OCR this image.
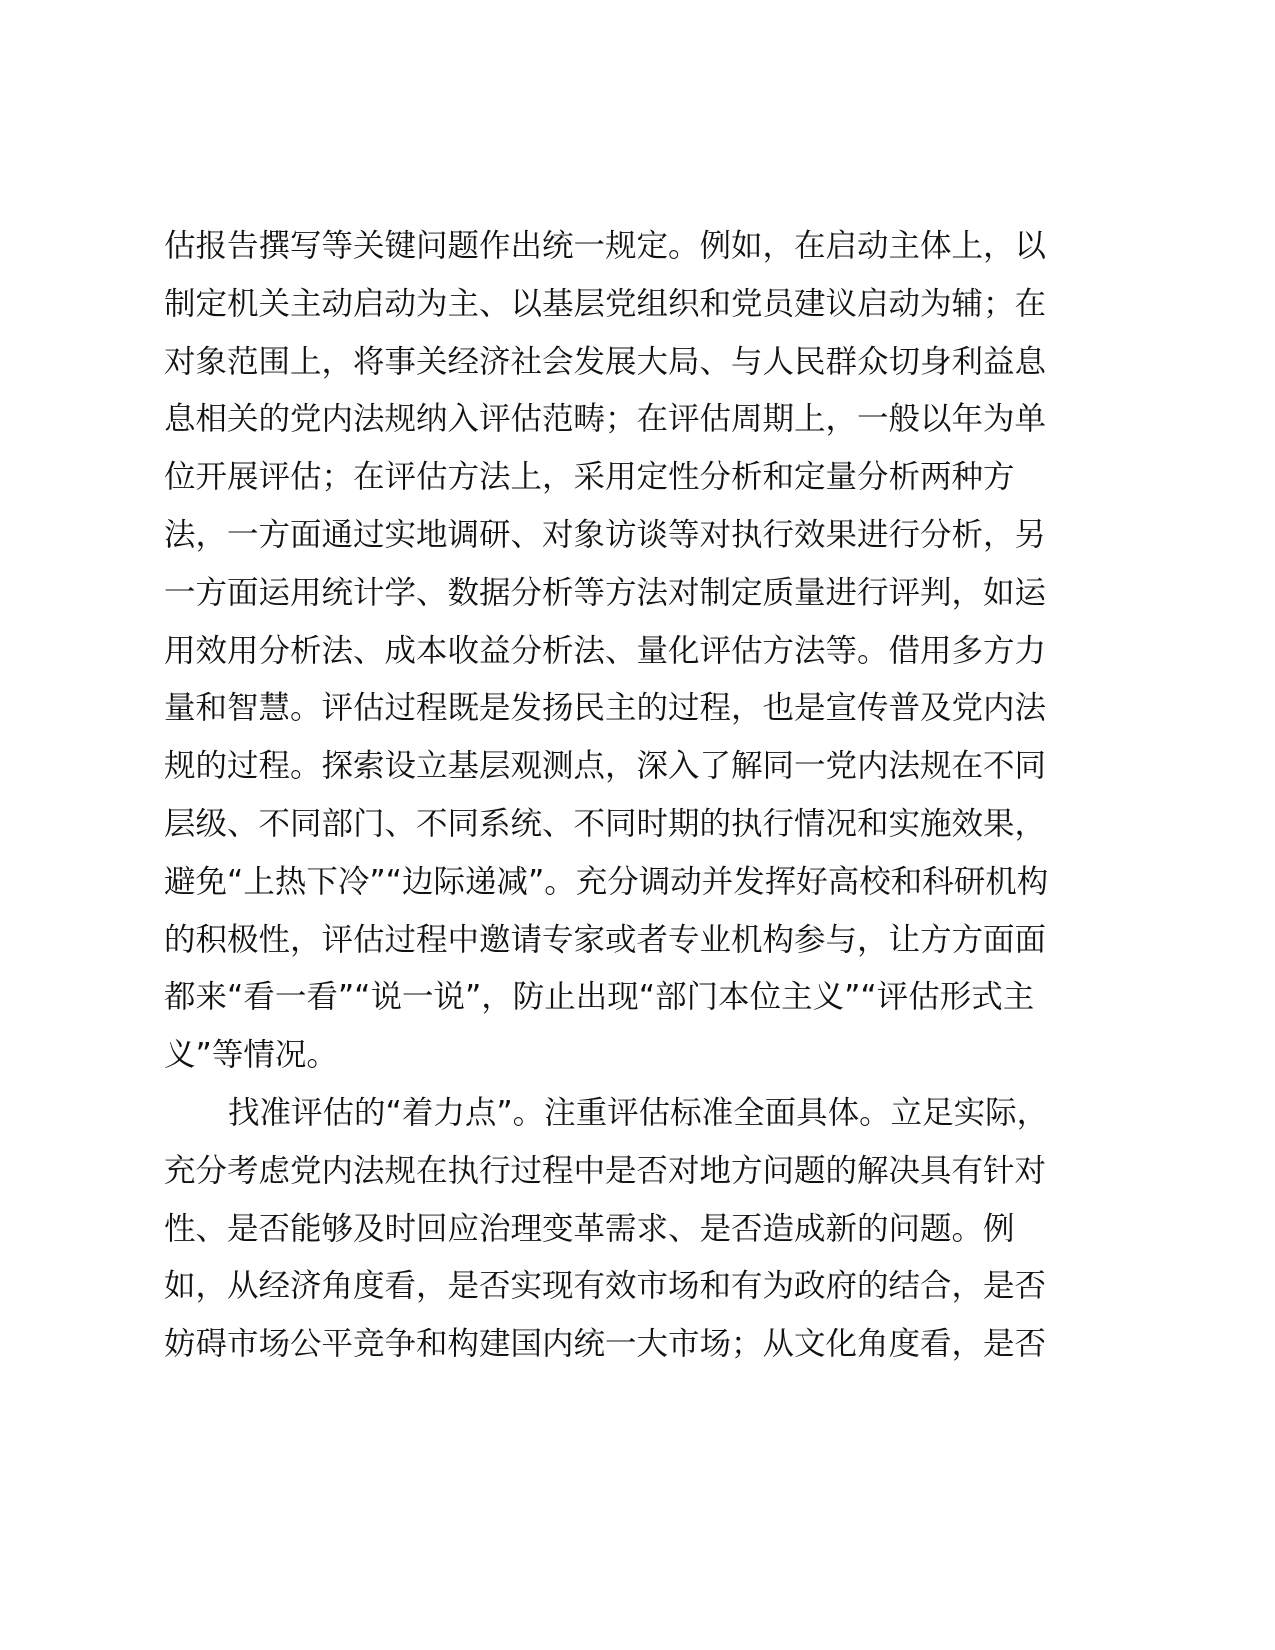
估报告撰写等关键问题作出统一规定。例如，在启动主体上，以
制定机关主动启动为主、以基层党组织和党员建议启动为辅；在
对象范围上，将事关经济社会发展大局、与人民群众切身利益息
息相关的党内法规纳入评估范畴；在评估周期上，一般以年为单
位开展评估；在评估方法上，采用定性分析和定量分析两种方
法，一方面通过实地调研、对象访谈等对执行效果进行分析，另
一方面运用统计学、数据分析等方法对制定质量进行评判，如运
用效用分析法、成本收益分析法、量化评估方法等。借用多方力
量和智慧。评估过程既是发扬民主的过程，也是宣传普及党内法
规的过程。探索设立基层观测点，深入了解同一党内法规在不同
层级、不同部门、不同系统、不同时期的执行情况和实施效果，
避免“上热下冷”“边际递减”。充分调动并发挥好高校和科研机构
的积极性，评估过程中邀请专家或者专业机构参与，让方方面面
都来“看一看”“说一说”，防止出现“部门本位主义”“评估形式主
义”等情况。
找准评估的“着力点”。注重评估标准全面具体。立足实际，
充分考虑党内法规在执行过程中是否对地方问题的解决具有针对
性、是否能够及时回应治理变革需求、是否造成新的问题。例
如，从经济角度看，是否实现有效市场和有为政府的结合，是否
妨碍市场公平竞争和构建国内统一大市场；从文化角度看，是否
